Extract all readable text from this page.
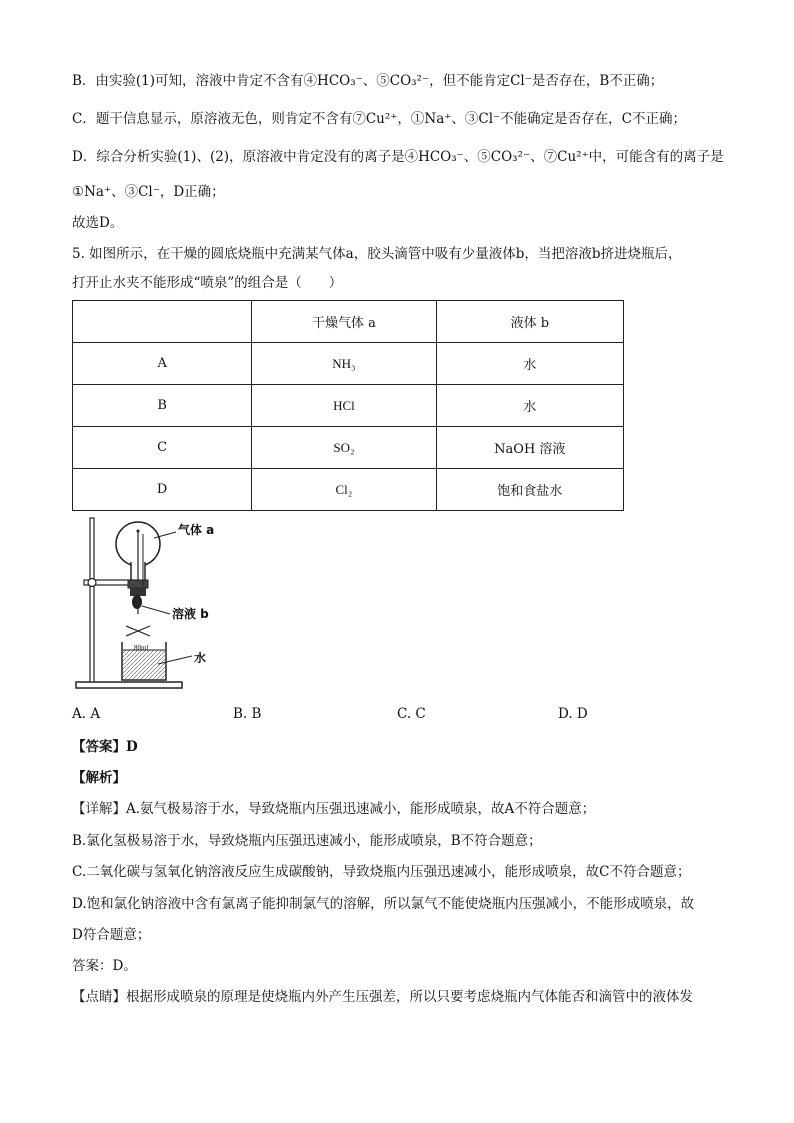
B．由实验(1)可知，溶液中肯定不含有④HCO₃⁻、⑤CO₃²⁻，但不能肯定Cl⁻是否存在，B不正确；
C．题干信息显示，原溶液无色，则肯定不含有⑦Cu²⁺，①Na⁺、③Cl⁻不能确定是否存在，C不正确；
D．综合分析实验(1)、(2)，原溶液中肯定没有的离子是④HCO₃⁻、⑤CO₃²⁻、⑦Cu²⁺中，可能含有的离子是
①Na⁺、③Cl⁻，D正确；
故选D。
5. 如图所示，在干燥的圆底烧瓶中充满某气体a，胶头滴管中吸有少量液体b，当把溶液b挤进烧瓶后，
打开止水夹不能形成“喷泉”的组合是（　　）
	干燥气体 a	液体 b
A	NH₃	水
B	HCl	水
C	SO₂	NaOH 溶液
D	Cl₂	饱和食盐水
80ml
气体 a
溶液 b
水
A. A	B. B	C. C	D. D
【答案】D
【解析】
【详解】A.氨气极易溶于水，导致烧瓶内压强迅速减小，能形成喷泉，故A不符合题意；
B.氯化氢极易溶于水，导致烧瓶内压强迅速减小，能形成喷泉，B不符合题意；
C.二氧化碳与氢氧化钠溶液反应生成碳酸钠，导致烧瓶内压强迅速减小，能形成喷泉，故C不符合题意；
D.饱和氯化钠溶液中含有氯离子能抑制氯气的溶解，所以氯气不能使烧瓶内压强减小，不能形成喷泉，故
D符合题意；
答案：D。
【点睛】根据形成喷泉的原理是使烧瓶内外产生压强差，所以只要考虑烧瓶内气体能否和滴管中的液体发
